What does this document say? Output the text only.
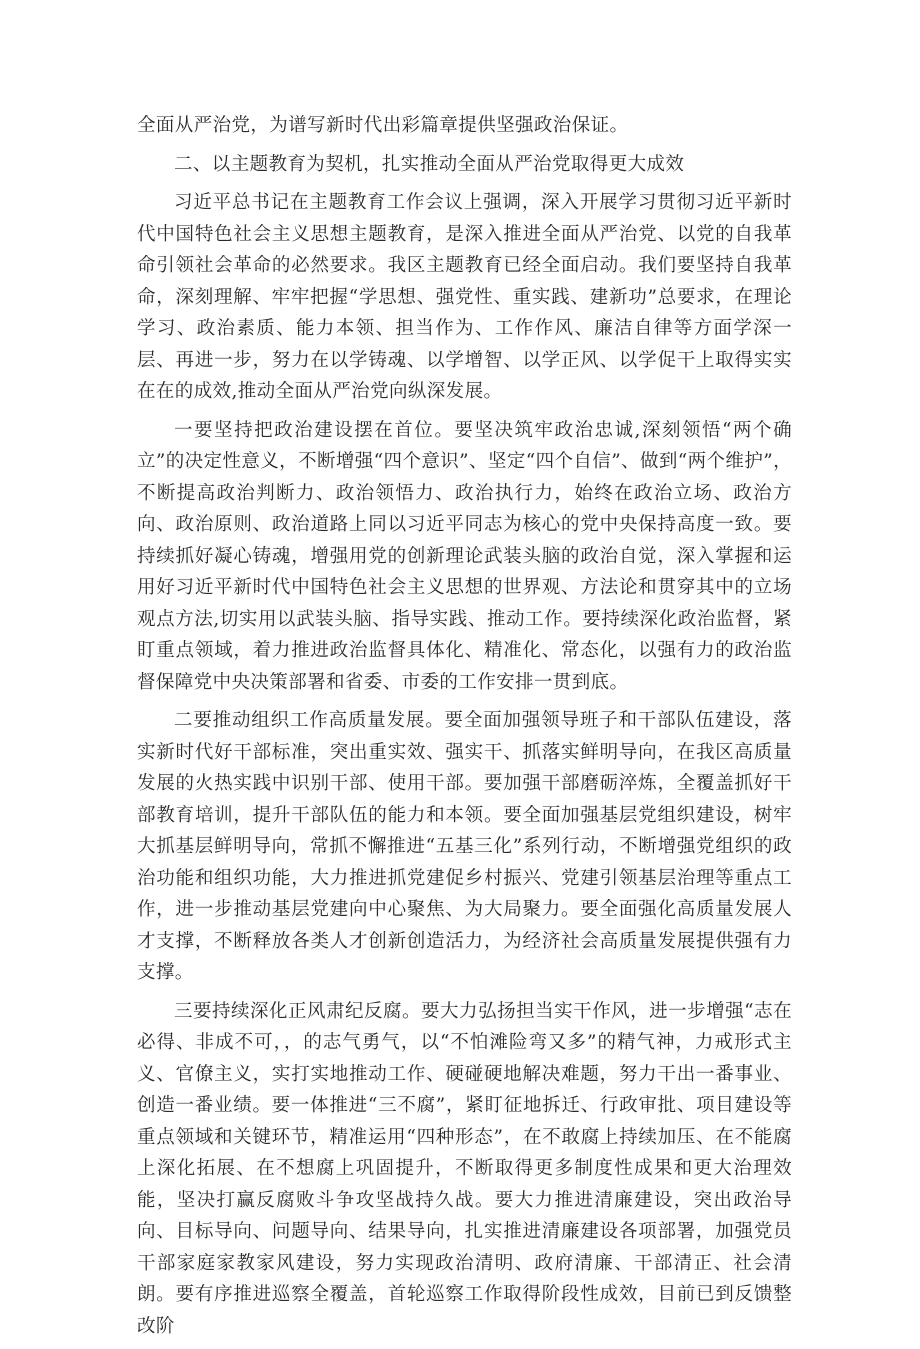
全面从严治党，为谱写新时代出彩篇章提供坚强政治保证。

二、以主题教育为契机，扎实推动全面从严治党取得更大成效

习近平总书记在主题教育工作会议上强调，深入开展学习贯彻习近平新时代中国特色社会主义思想主题教育，是深入推进全面从严治党、以党的自我革命引领社会革命的必然要求。我区主题教育已经全面启动。我们要坚持自我革命，深刻理解、牢牢把握“学思想、强党性、重实践、建新功”总要求，在理论学习、政治素质、能力本领、担当作为、工作作风、廉洁自律等方面学深一层、再进一步，努力在以学铸魂、以学增智、以学正风、以学促干上取得实实在在的成效,推动全面从严治党向纵深发展。

一要坚持把政治建设摆在首位。要坚决筑牢政治忠诚,深刻领悟“两个确立”的决定性意义，不断增强“四个意识”、坚定“四个自信”、做到“两个维护”，不断提高政治判断力、政治领悟力、政治执行力，始终在政治立场、政治方向、政治原则、政治道路上同以习近平同志为核心的党中央保持高度一致。要持续抓好凝心铸魂，增强用党的创新理论武装头脑的政治自觉，深入掌握和运用好习近平新时代中国特色社会主义思想的世界观、方法论和贯穿其中的立场观点方法,切实用以武装头脑、指导实践、推动工作。要持续深化政治监督，紧盯重点领域，着力推进政治监督具体化、精准化、常态化，以强有力的政治监督保障党中央决策部署和省委、市委的工作安排一贯到底。

二要推动组织工作高质量发展。要全面加强领导班子和干部队伍建设，落实新时代好干部标准，突出重实效、强实干、抓落实鲜明导向，在我区高质量发展的火热实践中识别干部、使用干部。要加强干部磨砺淬炼，全覆盖抓好干部教育培训，提升干部队伍的能力和本领。要全面加强基层党组织建设，树牢大抓基层鲜明导向，常抓不懈推进“五基三化”系列行动，不断增强党组织的政治功能和组织功能，大力推进抓党建促乡村振兴、党建引领基层治理等重点工作，进一步推动基层党建向中心聚焦、为大局聚力。要全面强化高质量发展人才支撑，不断释放各类人才创新创造活力，为经济社会高质量发展提供强有力支撑。

三要持续深化正风肃纪反腐。要大力弘扬担当实干作风，进一步增强“志在必得、非成不可，，的志气勇气，以“不怕滩险弯又多”的精气神，力戒形式主义、官僚主义，实打实地推动工作、硬碰硬地解决难题，努力干出一番事业、创造一番业绩。要一体推进“三不腐”，紧盯征地拆迁、行政审批、项目建设等重点领域和关键环节，精准运用“四种形态”，在不敢腐上持续加压、在不能腐上深化拓展、在不想腐上巩固提升，不断取得更多制度性成果和更大治理效能，坚决打赢反腐败斗争攻坚战持久战。要大力推进清廉建设，突出政治导向、目标导向、问题导向、结果导向，扎实推进清廉建设各项部署，加强党员干部家庭家教家风建设，努力实现政治清明、政府清廉、干部清正、社会清朗。要有序推进巡察全覆盖，首轮巡察工作取得阶段性成效，目前已到反馈整改阶
